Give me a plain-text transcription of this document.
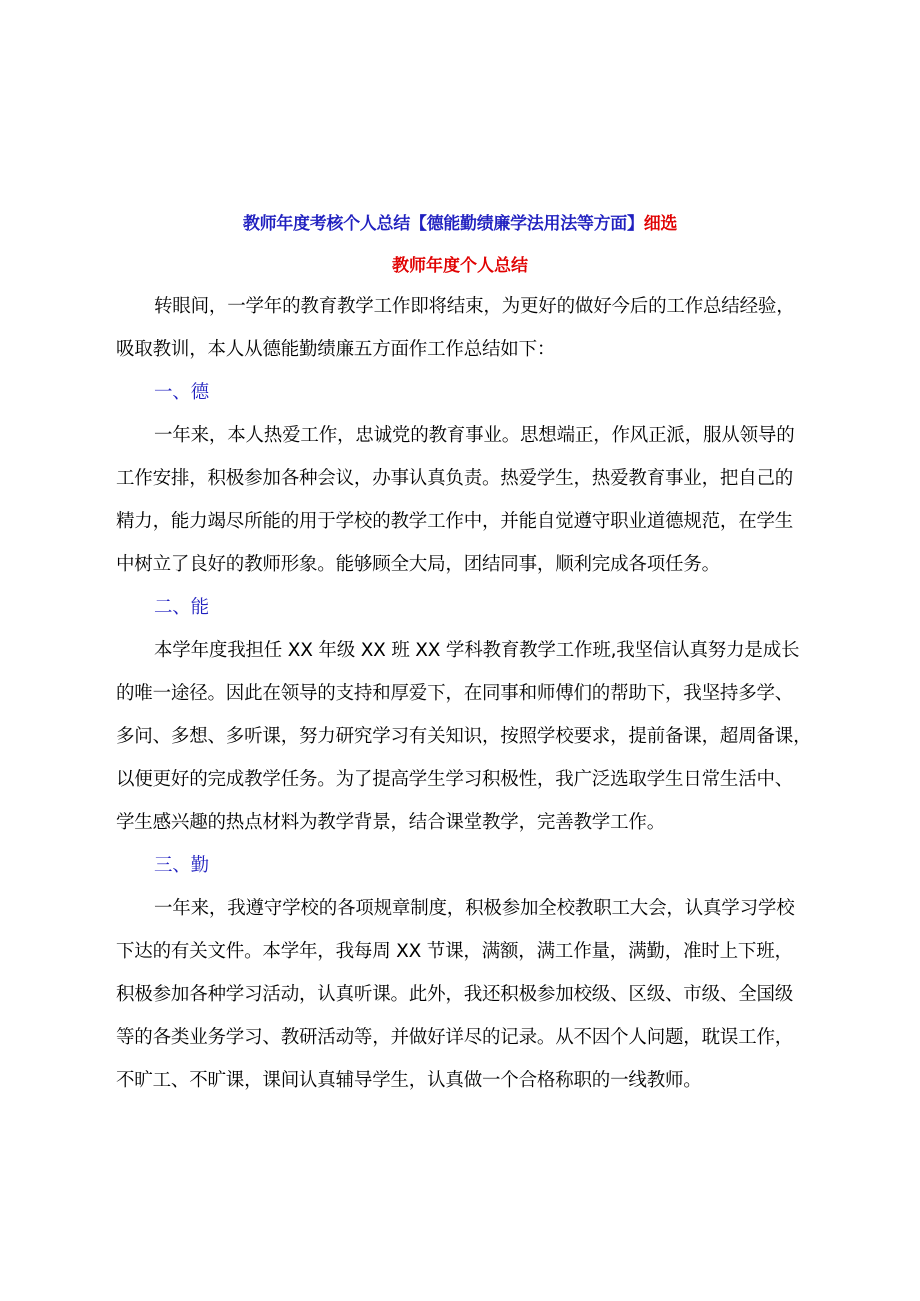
教师年度考核个人总结【德能勤绩廉学法用法等方面】细选
教师年度个人总结
转眼间，一学年的教育教学工作即将结束，为更好的做好今后的工作总结经验，
吸取教训，本人从德能勤绩廉五方面作工作总结如下：
一、德
一年来，本人热爱工作，忠诚党的教育事业。思想端正，作风正派，服从领导的
工作安排，积极参加各种会议，办事认真负责。热爱学生，热爱教育事业，把自己的
精力，能力竭尽所能的用于学校的教学工作中，并能自觉遵守职业道德规范，在学生
中树立了良好的教师形象。能够顾全大局，团结同事，顺利完成各项任务。
二、能
本学年度我担任 XX 年级 XX 班 XX 学科教育教学工作班,我坚信认真努力是成长
的唯一途径。因此在领导的支持和厚爱下，在同事和师傅们的帮助下，我坚持多学、
多问、多想、多听课，努力研究学习有关知识，按照学校要求，提前备课，超周备课，
以便更好的完成教学任务。为了提高学生学习积极性，我广泛选取学生日常生活中、
学生感兴趣的热点材料为教学背景，结合课堂教学，完善教学工作。
三、勤
一年来，我遵守学校的各项规章制度，积极参加全校教职工大会，认真学习学校
下达的有关文件。本学年，我每周 XX 节课，满额，满工作量，满勤，准时上下班，
积极参加各种学习活动，认真听课。此外，我还积极参加校级、区级、市级、全国级
等的各类业务学习、教研活动等，并做好详尽的记录。从不因个人问题，耽误工作，
不旷工、不旷课，课间认真辅导学生，认真做一个合格称职的一线教师。
